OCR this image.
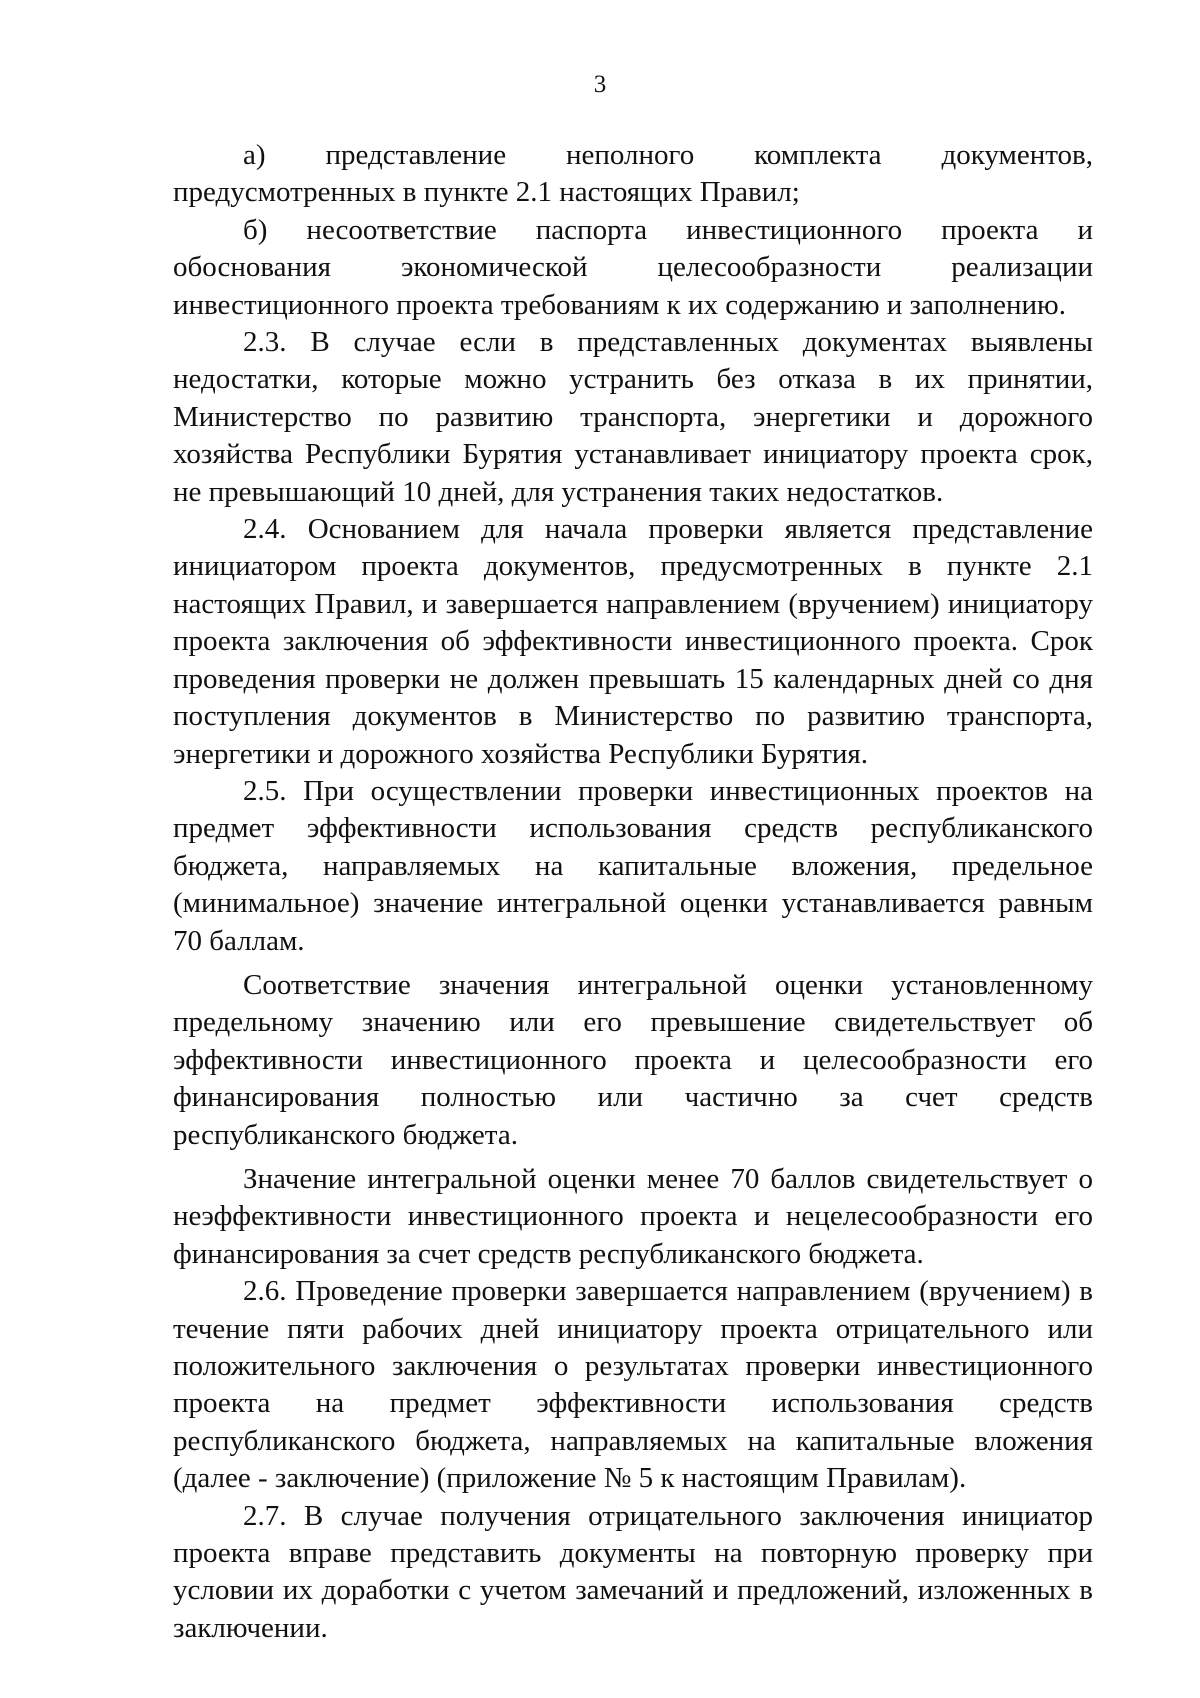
3

а) представление неполного комплекта документов, предусмотренных в пункте 2.1 настоящих Правил;

б) несоответствие паспорта инвестиционного проекта и обоснования экономической целесообразности реализации инвестиционного проекта требованиям к их содержанию и заполнению.

2.3. В случае если в представленных документах выявлены недостатки, которые можно устранить без отказа в их принятии, Министерство по развитию транспорта, энергетики и дорожного хозяйства Республики Бурятия устанавливает инициатору проекта срок, не превышающий 10 дней, для устранения таких недостатков.

2.4. Основанием для начала проверки является представление инициатором проекта документов, предусмотренных в пункте 2.1 настоящих Правил, и завершается направлением (вручением) инициатору проекта заключения об эффективности инвестиционного проекта. Срок проведения проверки не должен превышать 15 календарных дней со дня поступления документов в Министерство по развитию транспорта, энергетики и дорожного хозяйства Республики Бурятия.

2.5. При осуществлении проверки инвестиционных проектов на предмет эффективности использования средств республиканского бюджета, направляемых на капитальные вложения, предельное (минимальное) значение интегральной оценки устанавливается равным 70 баллам.

Соответствие значения интегральной оценки установленному предельному значению или его превышение свидетельствует об эффективности инвестиционного проекта и целесообразности его финансирования полностью или частично за счет средств республиканского бюджета.

Значение интегральной оценки менее 70 баллов свидетельствует о неэффективности инвестиционного проекта и нецелесообразности его финансирования за счет средств республиканского бюджета.

2.6. Проведение проверки завершается направлением (вручением) в течение пяти рабочих дней инициатору проекта отрицательного или положительного заключения о результатах проверки инвестиционного проекта на предмет эффективности использования средств республиканского бюджета, направляемых на капитальные вложения (далее - заключение) (приложение № 5 к настоящим Правилам).

2.7. В случае получения отрицательного заключения инициатор проекта вправе представить документы на повторную проверку при условии их доработки с учетом замечаний и предложений, изложенных в заключении.
